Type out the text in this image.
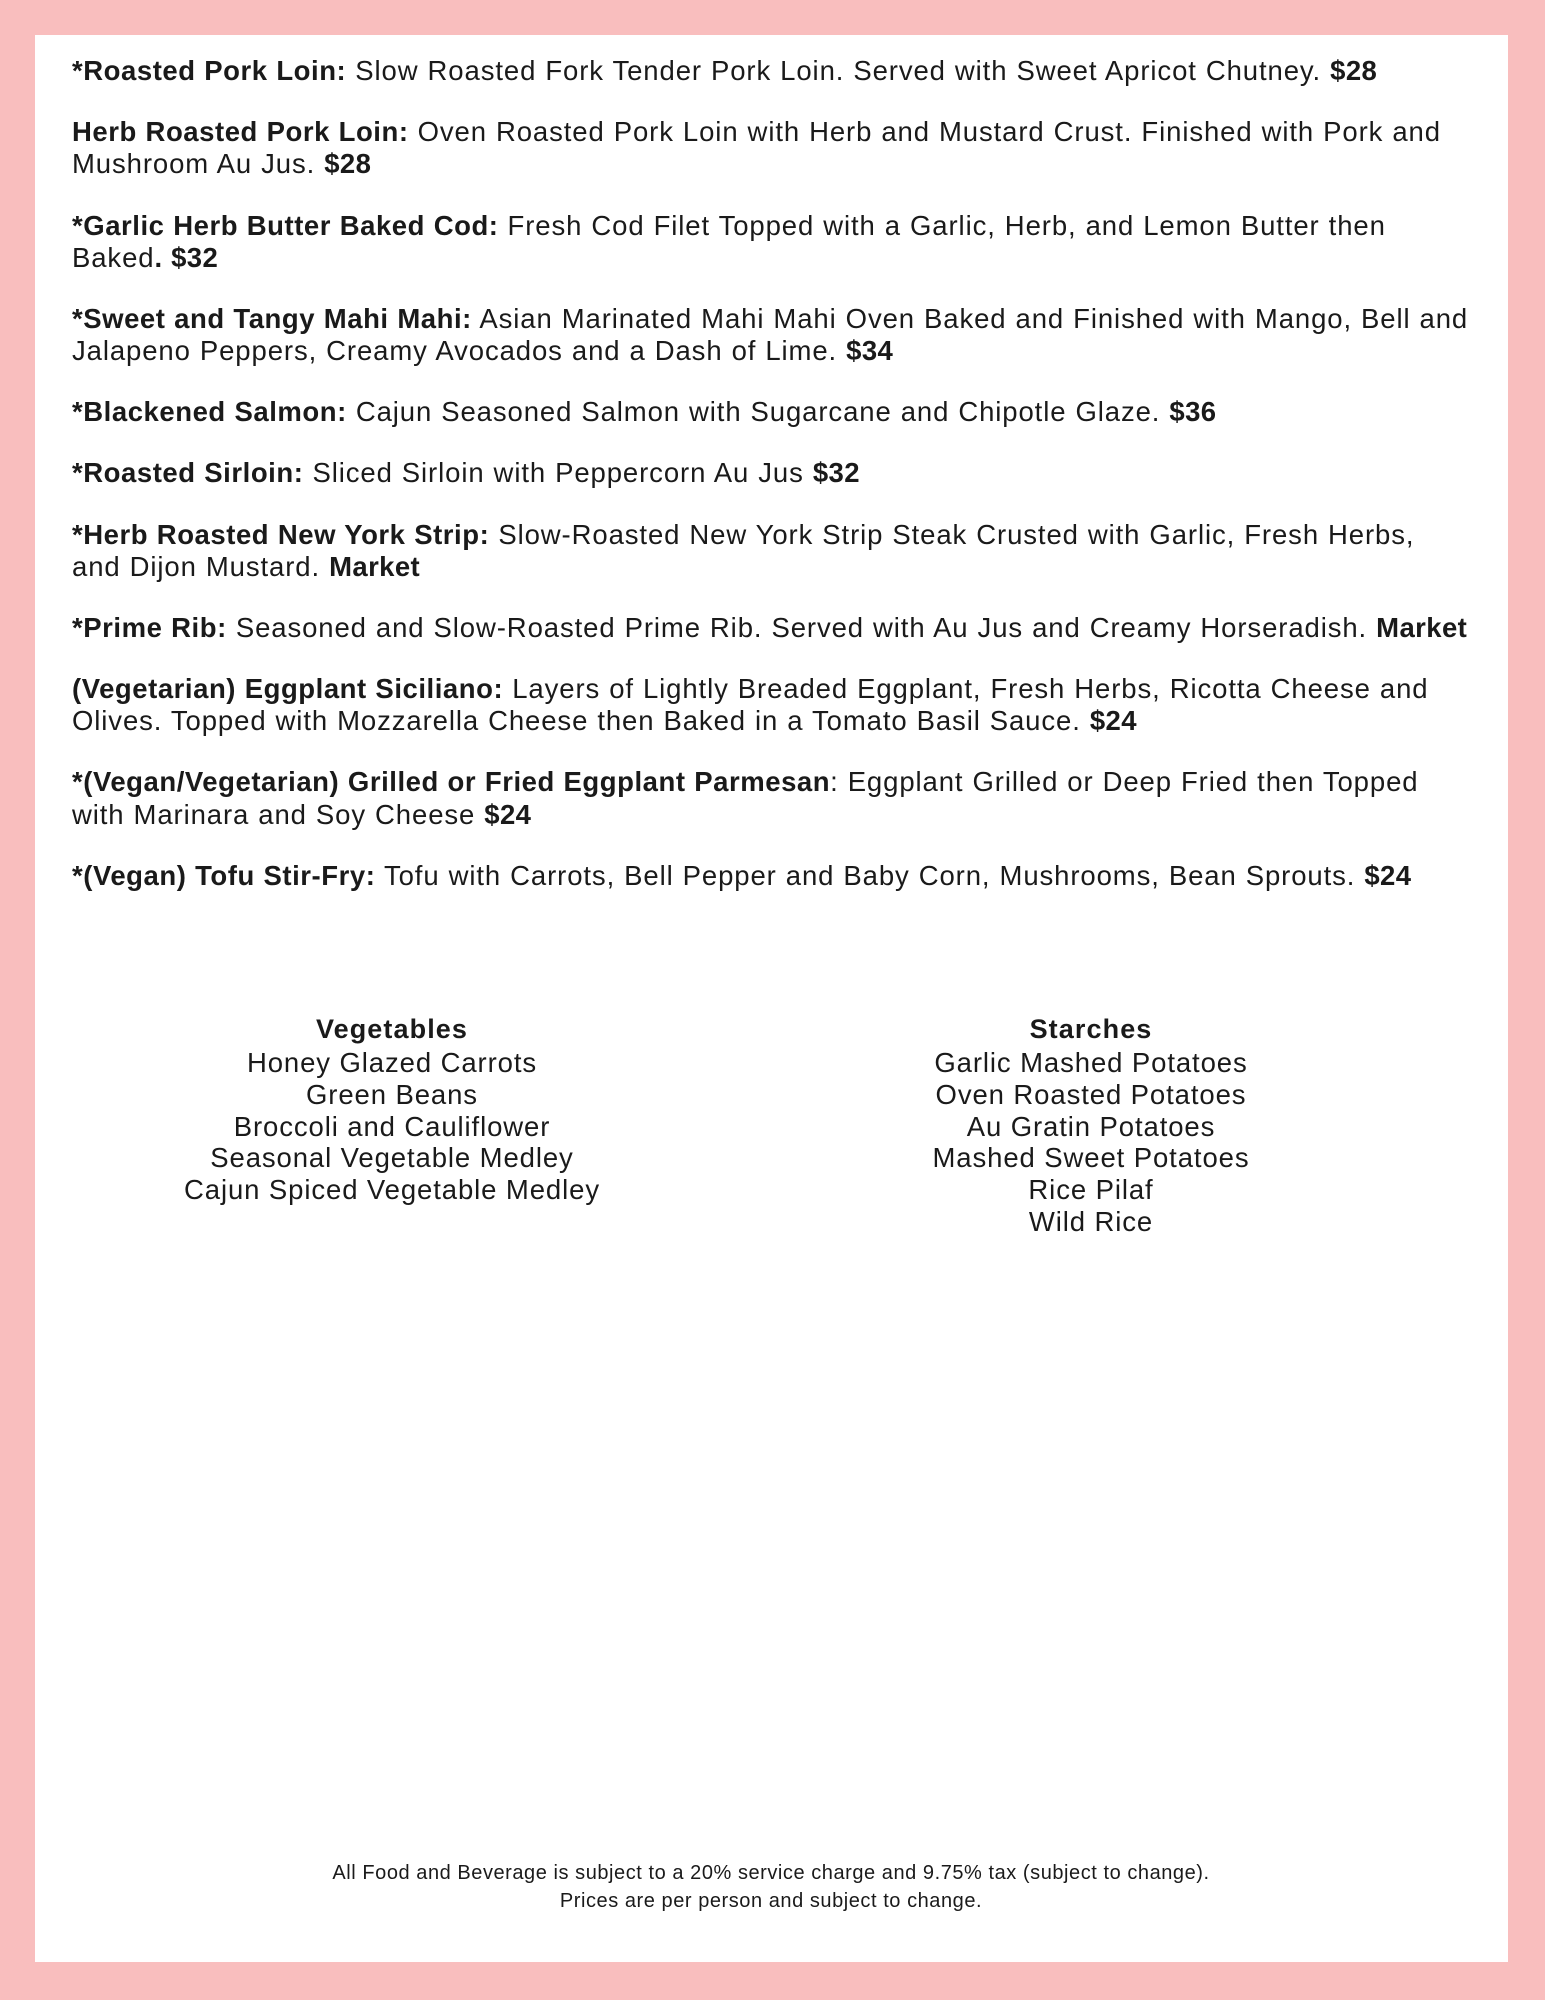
*Roasted Pork Loin: Slow Roasted Fork Tender Pork Loin. Served with Sweet Apricot Chutney. $28

Herb Roasted Pork Loin: Oven Roasted Pork Loin with Herb and Mustard Crust. Finished with Pork and Mushroom Au Jus. $28

*Garlic Herb Butter Baked Cod: Fresh Cod Filet Topped with a Garlic, Herb, and Lemon Butter then Baked. $32

*Sweet and Tangy Mahi Mahi: Asian Marinated Mahi Mahi Oven Baked and Finished with Mango, Bell and Jalapeno Peppers, Creamy Avocados and a Dash of Lime. $34

*Blackened Salmon: Cajun Seasoned Salmon with Sugarcane and Chipotle Glaze. $36

*Roasted Sirloin: Sliced Sirloin with Peppercorn Au Jus $32

*Herb Roasted New York Strip: Slow-Roasted New York Strip Steak Crusted with Garlic, Fresh Herbs, and Dijon Mustard. Market

*Prime Rib: Seasoned and Slow-Roasted Prime Rib. Served with Au Jus and Creamy Horseradish. Market

(Vegetarian) Eggplant Siciliano: Layers of Lightly Breaded Eggplant, Fresh Herbs, Ricotta Cheese and Olives. Topped with Mozzarella Cheese then Baked in a Tomato Basil Sauce. $24

*(Vegan/Vegetarian) Grilled or Fried Eggplant Parmesan: Eggplant Grilled or Deep Fried then Topped with Marinara and Soy Cheese $24

*(Vegan) Tofu Stir-Fry: Tofu with Carrots, Bell Pepper and Baby Corn, Mushrooms, Bean Sprouts. $24

Vegetables
Honey Glazed Carrots
Green Beans
Broccoli and Cauliflower
Seasonal Vegetable Medley
Cajun Spiced Vegetable Medley
Starches
Garlic Mashed Potatoes
Oven Roasted Potatoes
Au Gratin Potatoes
Mashed Sweet Potatoes
Rice Pilaf
Wild Rice
All Food and Beverage is subject to a 20% service charge and 9.75% tax (subject to change).
Prices are per person and subject to change.
